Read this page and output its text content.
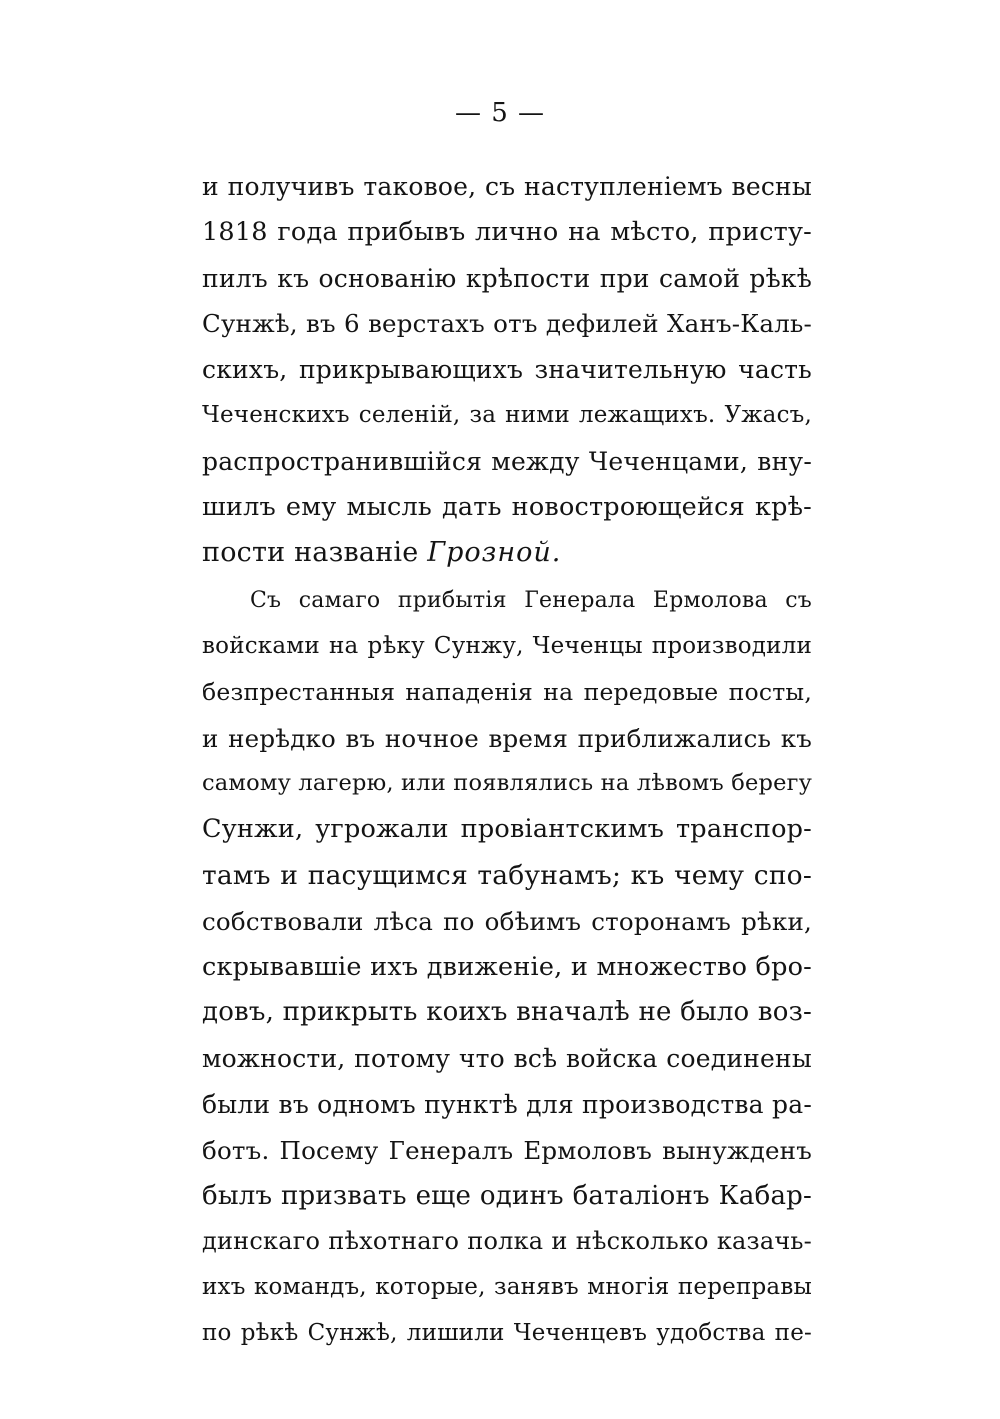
— 5 —
и получивъ таковое, съ наступленіемъ весны
1818 года прибывъ лично на мѣсто, присту-
пилъ къ основанію крѣпости при самой рѣкѣ
Сунжѣ, въ 6 верстахъ отъ дефилей Ханъ-Каль-
скихъ, прикрывающихъ значительную часть
Чеченскихъ селеній, за ними лежащихъ. Ужасъ,
распространившійся между Чеченцами, вну-
шилъ ему мысль дать новостроющейся крѣ-
пости названіе Грозной.
Съ самаго прибытія Генерала Ермолова съ
войсками на рѣку Сунжу, Чеченцы производили
безпрестанныя нападенія на передовые посты,
и нерѣдко въ ночное время приближались къ
самому лагерю, или появлялись на лѣвомъ берегу
Сунжи, угрожали провіантскимъ транспор-
тамъ и пасущимся табунамъ; къ чему спо-
собствовали лѣса по обѣимъ сторонамъ рѣки,
скрывавшіе ихъ движеніе, и множество бро-
довъ, прикрыть коихъ вначалѣ не было воз-
можности, потому что всѣ войска соединены
были въ одномъ пунктѣ для производства ра-
ботъ. Посему Генералъ Ермоловъ вынужденъ
былъ призвать еще одинъ баталіонъ Кабар-
динскаго пѣхотнаго полка и нѣсколько казачь-
ихъ командъ, которые, занявъ многія переправы
по рѣкѣ Сунжѣ, лишили Чеченцевъ удобства пе-
